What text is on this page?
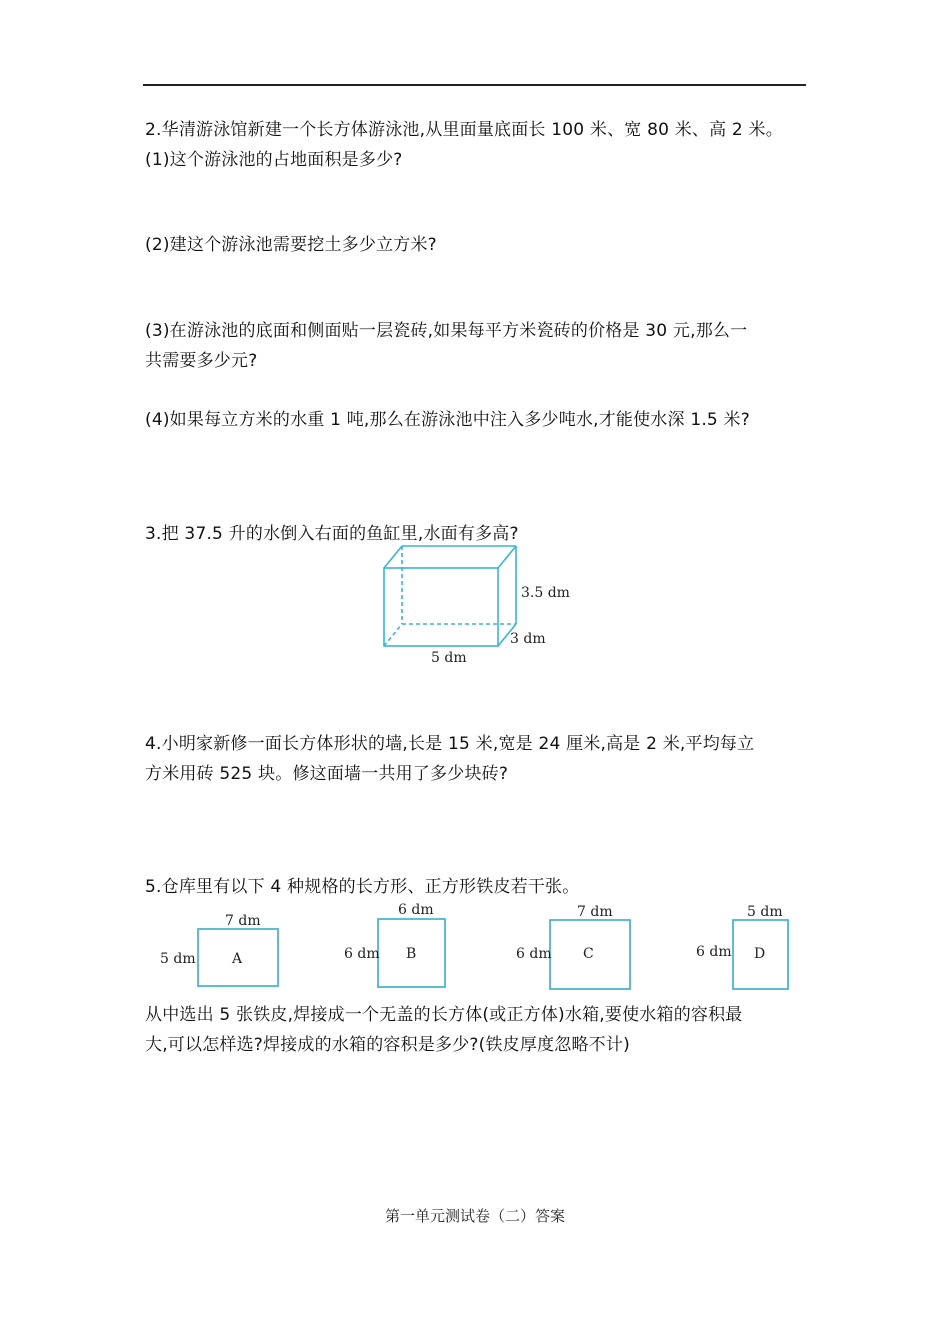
2.华清游泳馆新建一个长方体游泳池,从里面量底面长 100 米、宽 80 米、高 2 米。
(1)这个游泳池的占地面积是多少?
(2)建这个游泳池需要挖土多少立方米?
(3)在游泳池的底面和侧面贴一层瓷砖,如果每平方米瓷砖的价格是 30 元,那么一
共需要多少元?
(4)如果每立方米的水重 1 吨,那么在游泳池中注入多少吨水,才能使水深 1.5 米?
3.把 37.5 升的水倒入右面的鱼缸里,水面有多高?
3.5 dm
3 dm
5 dm
4.小明家新修一面长方体形状的墙,长是 15 米,宽是 24 厘米,高是 2 米,平均每立
方米用砖 525 块。修这面墙一共用了多少块砖?
5.仓库里有以下 4 种规格的长方形、正方形铁皮若干张。
7 dm
5 dm	A
6 dm
6 dm B
7 dm
6 dm C
5 dm
6 dm D
从中选出 5 张铁皮,焊接成一个无盖的长方体(或正方体)水箱,要使水箱的容积最
大,可以怎样选?焊接成的水箱的容积是多少?(铁皮厚度忽略不计)
第一单元测试卷（二）答案
